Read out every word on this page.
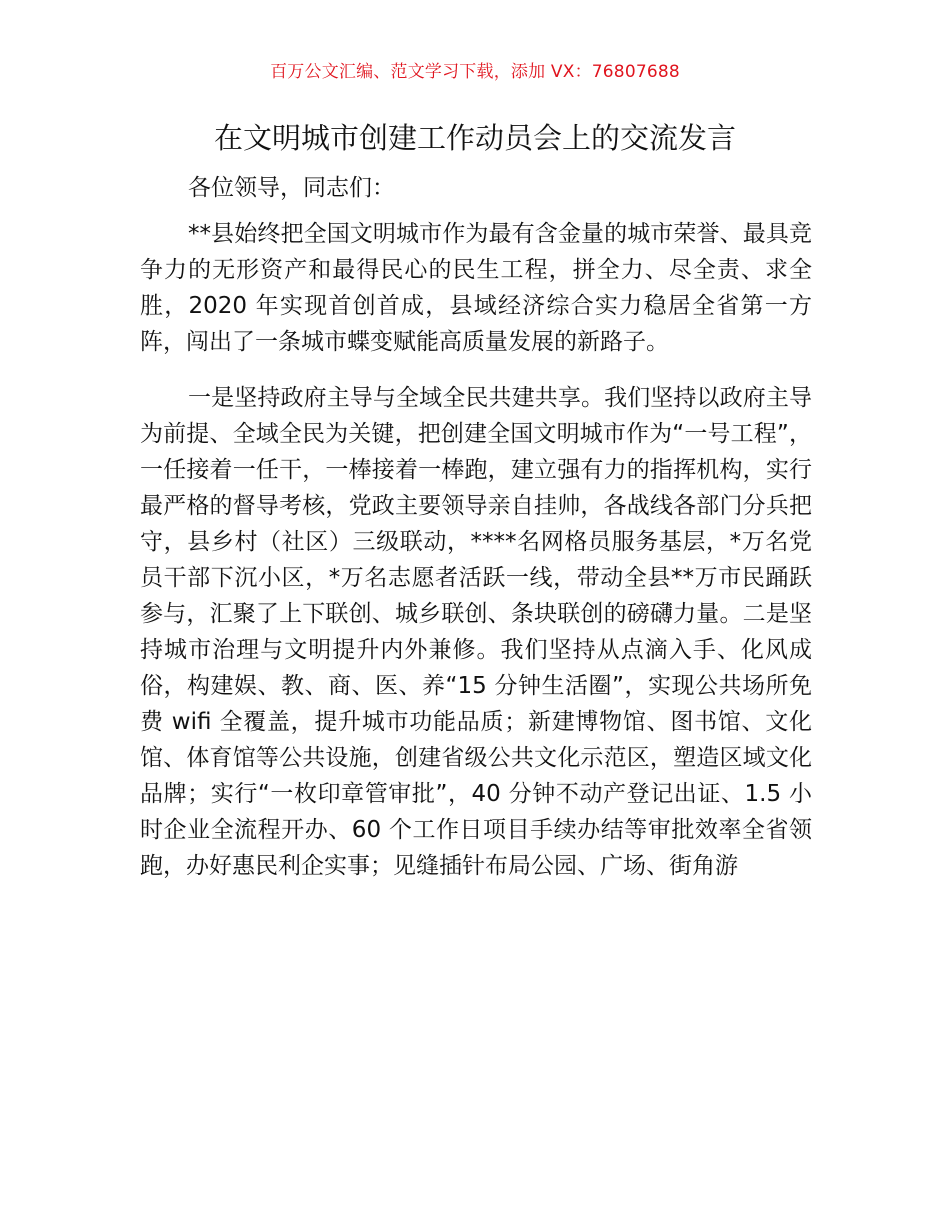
百万公文汇编、范文学习下载，添加 VX：76807688
在文明城市创建工作动员会上的交流发言
各位领导，同志们：

**县始终把全国文明城市作为最有含金量的城市荣誉、最具竞争力的无形资产和最得民心的民生工程，拼全力、尽全责、求全胜，2020 年实现首创首成，县域经济综合实力稳居全省第一方阵，闯出了一条城市蝶变赋能高质量发展的新路子。

一是坚持政府主导与全域全民共建共享。我们坚持以政府主导为前提、全域全民为关键，把创建全国文明城市作为“一号工程”，一任接着一任干，一棒接着一棒跑，建立强有力的指挥机构，实行最严格的督导考核，党政主要领导亲自挂帅，各战线各部门分兵把守，县乡村（社区）三级联动，****名网格员服务基层，*万名党员干部下沉小区，*万名志愿者活跃一线，带动全县**万市民踊跃参与，汇聚了上下联创、城乡联创、条块联创的磅礴力量。二是坚持城市治理与文明提升内外兼修。我们坚持从点滴入手、化风成俗，构建娱、教、商、医、养“15 分钟生活圈”，实现公共场所免费 wifi 全覆盖，提升城市功能品质；新建博物馆、图书馆、文化馆、体育馆等公共设施，创建省级公共文化示范区，塑造区域文化品牌；实行“一枚印章管审批”，40 分钟不动产登记出证、1.5 小时企业全流程开办、60 个工作日项目手续办结等审批效率全省领跑，办好惠民利企实事；见缝插针布局公园、广场、街角游
